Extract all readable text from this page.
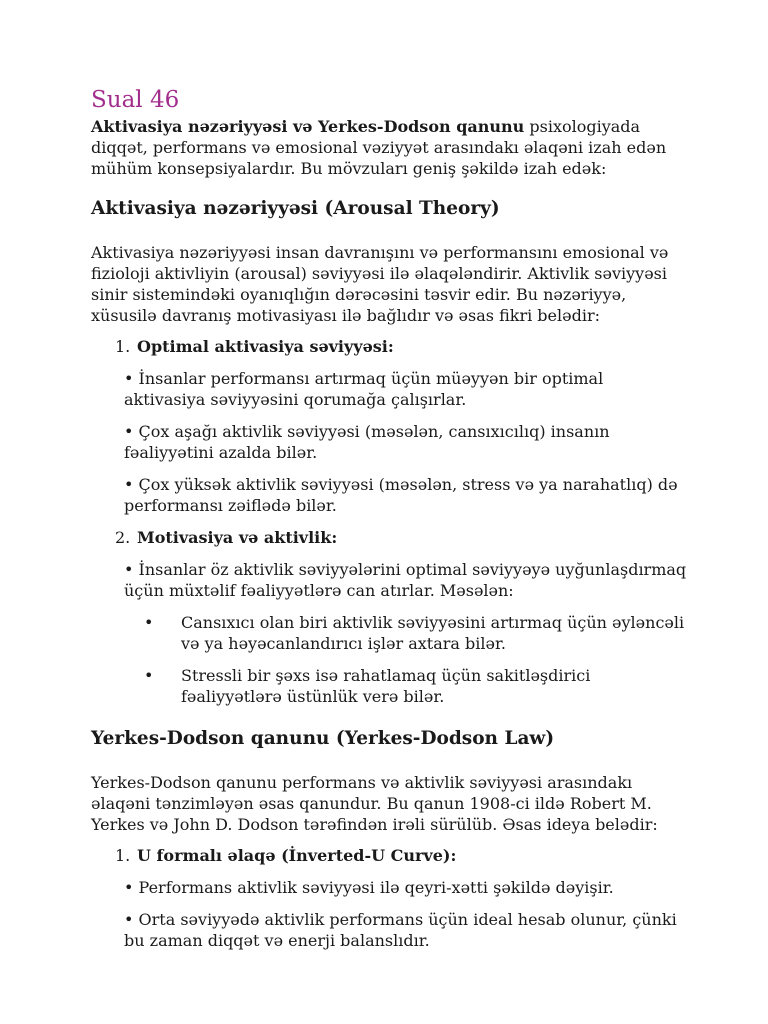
Sual 46

Aktivasiya nəzəriyyəsi və Yerkes-Dodson qanunu psixologiyada diqqət, performans və emosional vəziyyət arasındakı əlaqəni izah edən mühüm konsepsiyalardır. Bu mövzuları geniş şəkildə izah edək:

Aktivasiya nəzəriyyəsi (Arousal Theory)

Aktivasiya nəzəriyyəsi insan davranışını və performansını emosional və fizioloji aktivliyin (arousal) səviyyəsi ilə əlaqələndirir. Aktivlik səviyyəsi sinir sistemindəki oyanıqlığın dərəcəsini təsvir edir. Bu nəzəriyyə, xüsusilə davranış motivasiyası ilə bağlıdır və əsas fikri belədir:

1. Optimal aktivasiya səviyyəsi:

• İnsanlar performansı artırmaq üçün müəyyən bir optimal aktivasiya səviyyəsini qorumağa çalışırlar.

• Çox aşağı aktivlik səviyyəsi (məsələn, cansıxıcılıq) insanın fəaliyyətini azalda bilər.

• Çox yüksək aktivlik səviyyəsi (məsələn, stress və ya narahatlıq) də performansı zəiflədə bilər.

2. Motivasiya və aktivlik:

• İnsanlar öz aktivlik səviyyələrini optimal səviyyəyə uyğunlaşdırmaq üçün müxtəlif fəaliyyətlərə can atırlar. Məsələn:

•	Cansıxıcı olan biri aktivlik səviyyəsini artırmaq üçün əyləncəli və ya həyəcanlandırıcı işlər axtara bilər.
•	Stressli bir şəxs isə rahatlamaq üçün sakitləşdirici fəaliyyətlərə üstünlük verə bilər.
Yerkes-Dodson qanunu (Yerkes-Dodson Law)

Yerkes-Dodson qanunu performans və aktivlik səviyyəsi arasındakı əlaqəni tənzimləyən əsas qanundur. Bu qanun 1908-ci ildə Robert M. Yerkes və John D. Dodson tərəfindən irəli sürülüb. Əsas ideya belədir:

1. U formalı əlaqə (İnverted-U Curve):

• Performans aktivlik səviyyəsi ilə qeyri-xətti şəkildə dəyişir.

• Orta səviyyədə aktivlik performans üçün ideal hesab olunur, çünki bu zaman diqqət və enerji balanslıdır.
